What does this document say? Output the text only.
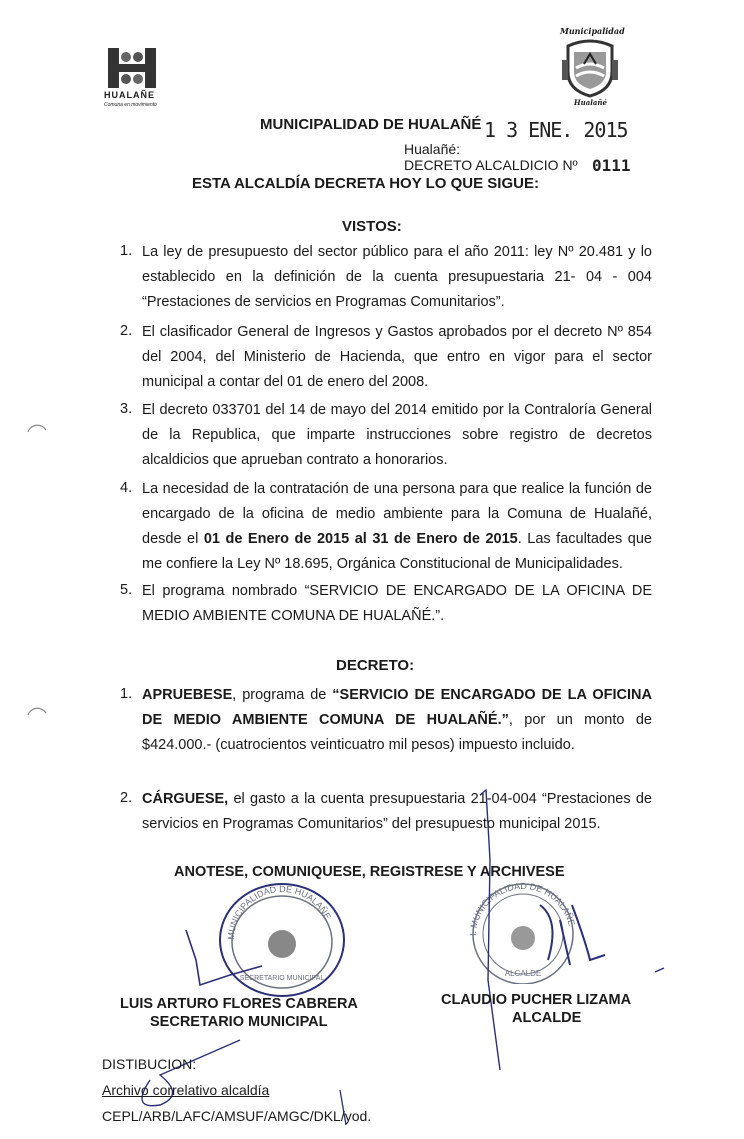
HUALAÑE
Comuna en movimiento
Municipalidad
Hualañé
MUNICIPALIDAD DE HUALAÑÉ 1 3 ENE. 2015
Hualañé:
DECRETO ALCALDICIO Nº 0111
ESTA ALCALDÍA DECRETA HOY LO QUE SIGUE:
VISTOS:
1. La ley de presupuesto del sector público para el año 2011: ley Nº 20.481 y lo establecido en la definición de la cuenta presupuestaria 21- 04 - 004 “Prestaciones de servicios en Programas Comunitarios”.
2. El clasificador General de Ingresos y Gastos aprobados por el decreto Nº 854 del 2004, del Ministerio de Hacienda, que entro en vigor para el sector municipal a contar del 01 de enero del 2008.
3. El decreto 033701 del 14 de mayo del 2014 emitido por la Contraloría General de la Republica, que imparte instrucciones sobre registro de decretos alcaldicios que aprueban contrato a honorarios.
4. La necesidad de la contratación de una persona para que realice la función de encargado de la oficina de medio ambiente para la Comuna de Hualañé, desde el 01 de Enero de 2015 al 31 de Enero de 2015. Las facultades que me confiere la Ley Nº 18.695, Orgánica Constitucional de Municipalidades.
5. El programa nombrado “SERVICIO DE ENCARGADO DE LA OFICINA DE MEDIO AMBIENTE COMUNA DE HUALAÑÉ.”.
DECRETO:
1. APRUEBESE, programa de “SERVICIO DE ENCARGADO DE LA OFICINA DE MEDIO AMBIENTE COMUNA DE HUALAÑÉ.”, por un monto de $424.000.- (cuatrocientos veinticuatro mil pesos) impuesto incluido.
2. CÁRGUESE, el gasto a la cuenta presupuestaria 21-04-004 “Prestaciones de servicios en Programas Comunitarios” del presupuesto municipal 2015.
ANOTESE, COMUNIQUESE, REGISTRESE Y ARCHIVESE
MUNICIPALIDAD DE HUALAÑE
SECRETARIO MUNICIPAL
I. MUNICIPALIDAD DE HUALAÑE
ALCALDE
LUIS ARTURO FLORES CABRERA
SECRETARIO MUNICIPAL
CLAUDIO PUCHER LIZAMA
ALCALDE
DISTIBUCION:
Archivo correlativo alcaldía
CEPL/ARB/LAFC/AMSUF/AMGC/DKL/yod.
